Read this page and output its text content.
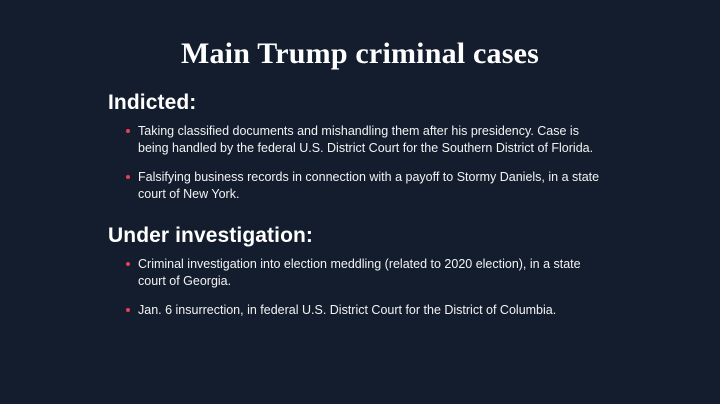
Main Trump criminal cases
Indicted:
Taking classified documents and mishandling them after his presidency. Case is being handled by the federal U.S. District Court for the Southern District of Florida.
Falsifying business records in connection with a payoff to Stormy Daniels, in a state court of New York.
Under investigation:
Criminal investigation into election meddling (related to 2020 election), in a state court of Georgia.
Jan. 6 insurrection, in federal U.S. District Court for the District of Columbia.
